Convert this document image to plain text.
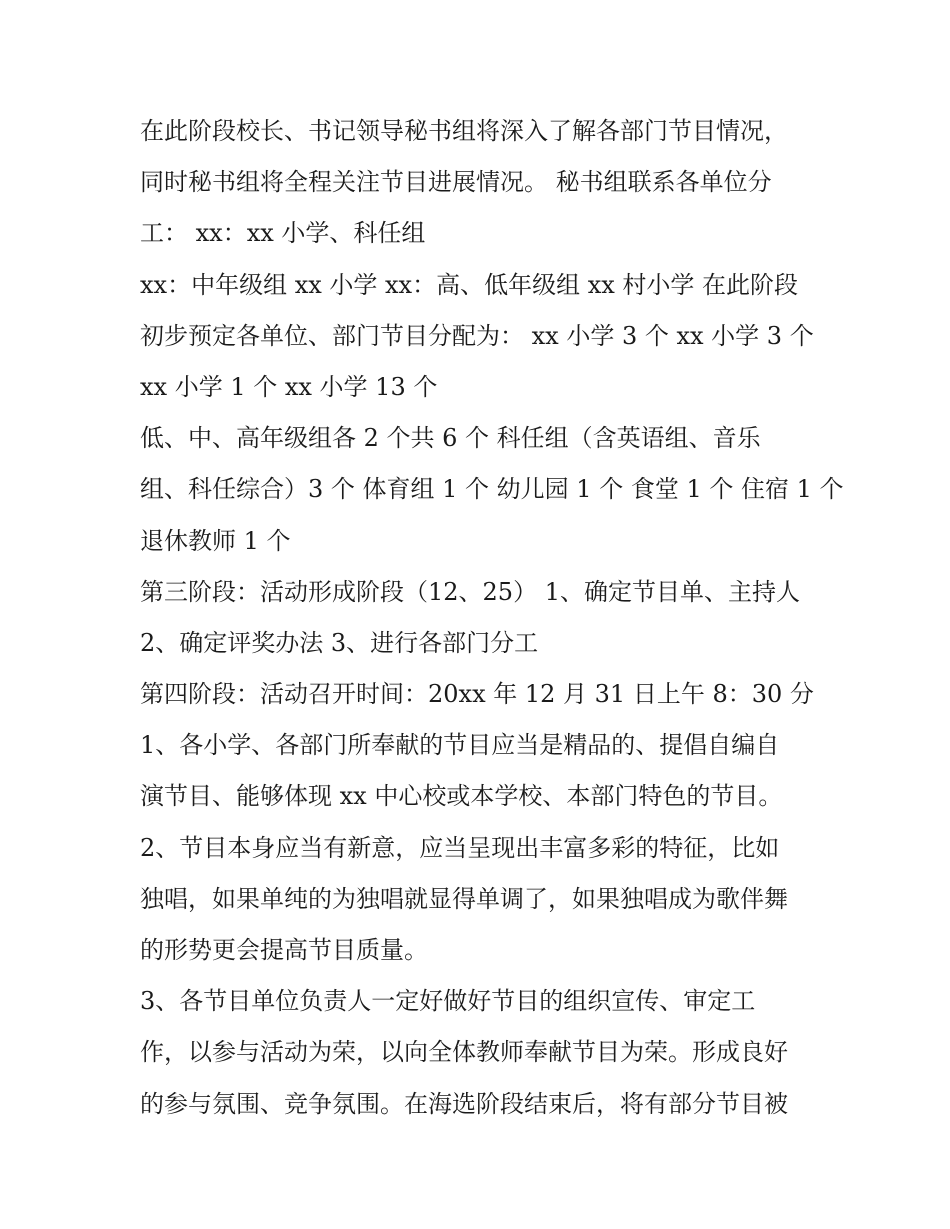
在此阶段校长、书记领导秘书组将深入了解各部门节目情况，
同时秘书组将全程关注节目进展情况。 秘书组联系各单位分
工： xx：xx 小学、科任组
xx：中年级组 xx 小学 xx：高、低年级组 xx 村小学 在此阶段
初步预定各单位、部门节目分配为： xx 小学 3 个 xx 小学 3 个
xx 小学 1 个 xx 小学 13 个
低、中、高年级组各 2 个共 6 个 科任组（含英语组、音乐
组、科任综合）3 个 体育组 1 个 幼儿园 1 个 食堂 1 个 住宿 1 个
退休教师 1 个
第三阶段：活动形成阶段（12、25） 1、确定节目单、主持人
2、确定评奖办法 3、进行各部门分工
第四阶段：活动召开时间：20xx 年 12 月 31 日上午 8：30 分
1、各小学、各部门所奉献的节目应当是精品的、提倡自编自
演节目、能够体现 xx 中心校或本学校、本部门特色的节目。
2、节目本身应当有新意，应当呈现出丰富多彩的特征，比如
独唱，如果单纯的为独唱就显得单调了，如果独唱成为歌伴舞
的形势更会提高节目质量。
3、各节目单位负责人一定好做好节目的组织宣传、审定工
作，以参与活动为荣，以向全体教师奉献节目为荣。形成良好
的参与氛围、竞争氛围。在海选阶段结束后，将有部分节目被
